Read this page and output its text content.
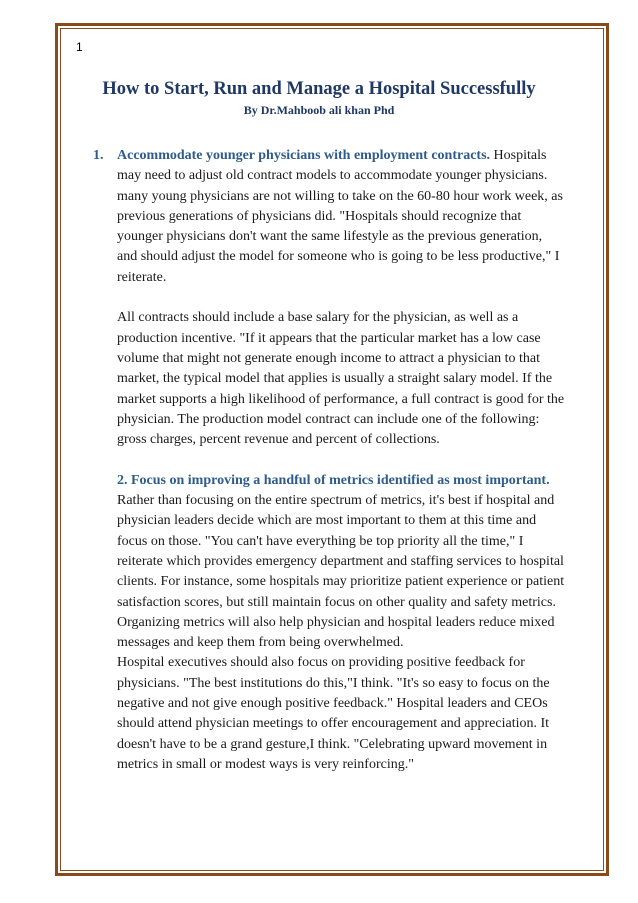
1
How to Start, Run and Manage a Hospital Successfully
By Dr.Mahboob ali khan Phd
1. Accommodate younger physicians with employment contracts. Hospitals may need to adjust old contract models to accommodate younger physicians. many young physicians are not willing to take on the 60-80 hour work week, as previous generations of physicians did. "Hospitals should recognize that younger physicians don't want the same lifestyle as the previous generation, and should adjust the model for someone who is going to be less productive," I reiterate.

All contracts should include a base salary for the physician, as well as a production incentive. "If it appears that the particular market has a low case volume that might not generate enough income to attract a physician to that market, the typical model that applies is usually a straight salary model. If the market supports a high likelihood of performance, a full contract is good for the physician. The production model contract can include one of the following: gross charges, percent revenue and percent of collections.

2. Focus on improving a handful of metrics identified as most important. Rather than focusing on the entire spectrum of metrics, it's best if hospital and physician leaders decide which are most important to them at this time and focus on those. "You can't have everything be top priority all the time," I reiterate which provides emergency department and staffing services to hospital clients. For instance, some hospitals may prioritize patient experience or patient satisfaction scores, but still maintain focus on other quality and safety metrics. Organizing metrics will also help physician and hospital leaders reduce mixed messages and keep them from being overwhelmed.

Hospital executives should also focus on providing positive feedback for physicians. "The best institutions do this,"I think. "It's so easy to focus on the negative and not give enough positive feedback." Hospital leaders and CEOs should attend physician meetings to offer encouragement and appreciation. It doesn't have to be a grand gesture,I think. "Celebrating upward movement in metrics in small or modest ways is very reinforcing."
